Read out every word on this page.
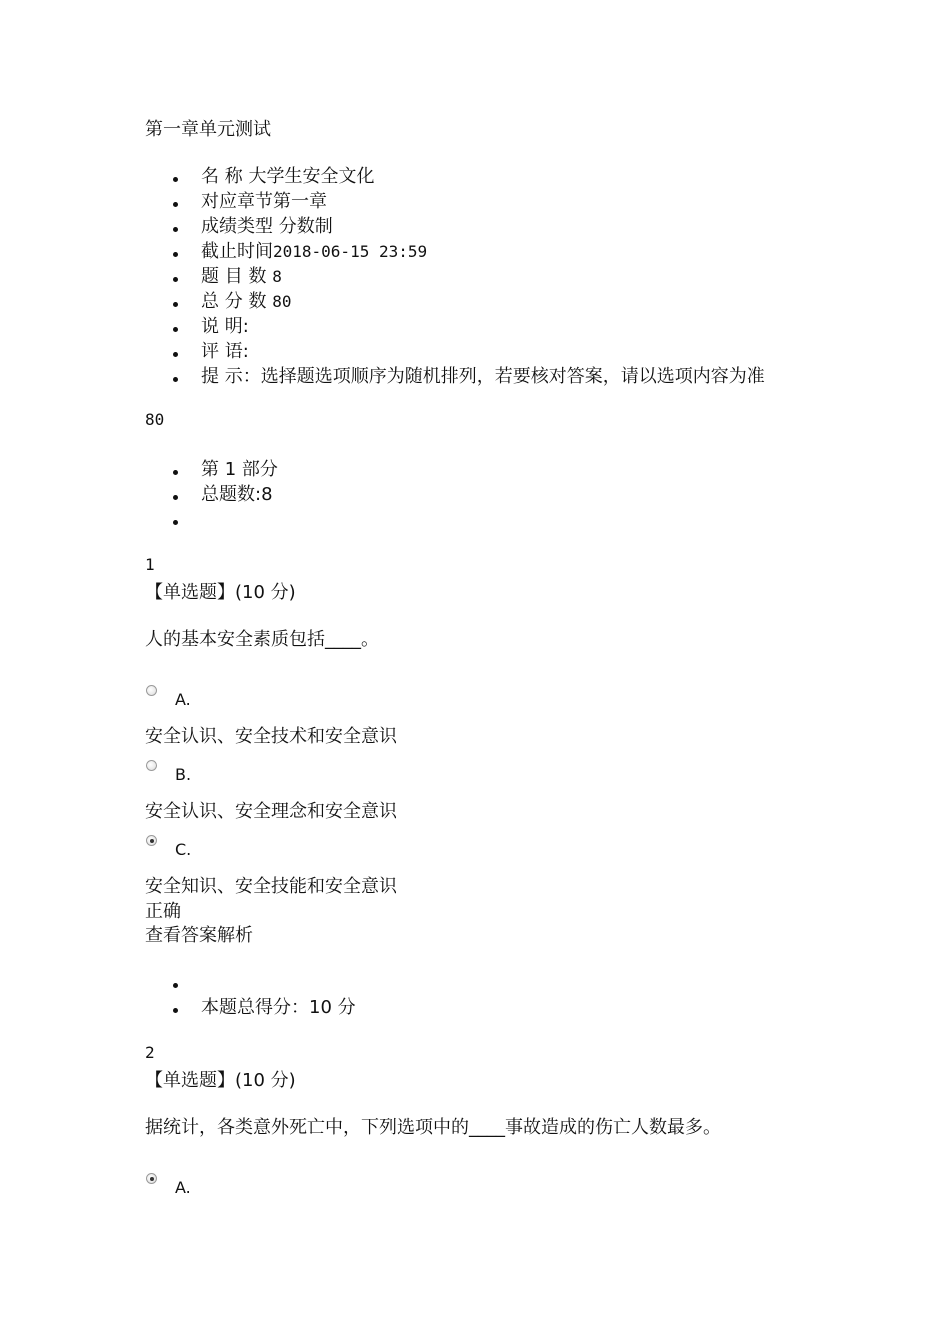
第一章单元测试
名 称 大学生安全文化
对应章节第一章
成绩类型 分数制
截止时间2018-06-15 23:59
题 目 数 8
总 分 数 80
说 明:
评 语:
提 示：选择题选项顺序为随机排列，若要核对答案，请以选项内容为准
80
第 1 部分
总题数:8
1
【单选题】(10 分)
人的基本安全素质包括____。
A.
安全认识、安全技术和安全意识
B.
安全认识、安全理念和安全意识
C.
安全知识、安全技能和安全意识
正确
查看答案解析
本题总得分：10 分
2
【单选题】(10 分)
据统计，各类意外死亡中，下列选项中的____事故造成的伤亡人数最多。
A.
